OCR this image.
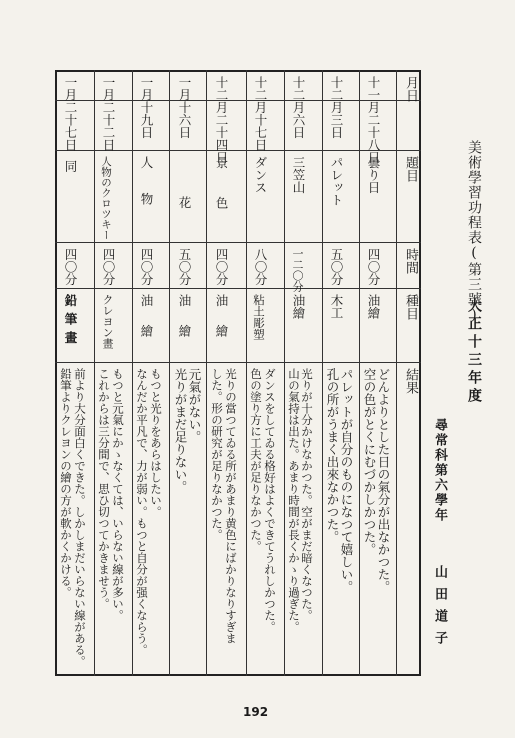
美術學習功程表(第三號)
大正十三年度
尋常科第六學年
山田道子
月日
題目
時間
種目
結果
十一月二十八日
曇り日
四〇分
油繪
どんよりとした日の氣分が出なかつた。
空の色がとくにむづかしかつた。
十二月三日
パレット
五〇分
木工
パレットが自分のものになつて嬉しい。
孔の所がうまく出來なかつた。
十二月六日
三笠山
一二〇分
油繪
光りが十分かけなかつた。空がまだ暗くなつた。
山の氣持は出た。あまり時間が長くかゝり過ぎた。
十二月十七日
ダンス
八〇分
粘土彫塑
ダンスをしてゐる格好はよくできてうれしかつた。
色の塗り方に工夫が足りなかつた。
十二月二十四日
景色
四〇分
油繪
光りの當つてゐる所があまり黄色にばかりなりすぎま
した。形の研究が足りなかつた。
一月十六日
花
五〇分
油繪
元氣がない。
光りがまだ足りない。
一月十九日
人物
四〇分
油繪
もつと光りをあらはしたい。
なんだか平凡で、力が弱い。もつと自分が强くならう。
一月二十二日
人物のクロツキー
四〇分
クレヨン畫
もつと元氣にかゝなくては、いらない線が多い。
これからは三分間で、思ひ切つてかきませう。
一月二十七日
同
四〇分
鉛筆畫
前より大分面白くできた。しかしまだいらない線がある。
鉛筆よりクレヨンの繪の方が軟かくかける。
192
